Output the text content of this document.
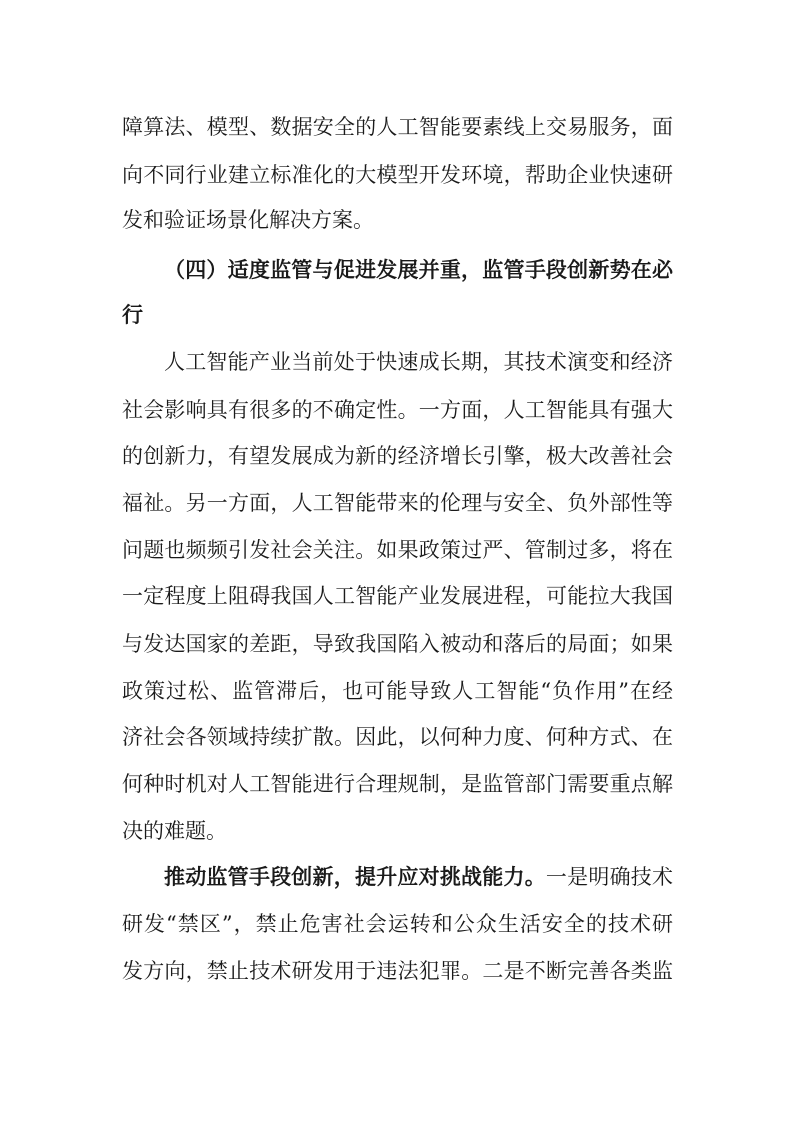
障算法、模型、数据安全的人工智能要素线上交易服务，面
向不同行业建立标准化的大模型开发环境，帮助企业快速研
发和验证场景化解决方案。
（四）适度监管与促进发展并重，监管手段创新势在必
行
人工智能产业当前处于快速成长期，其技术演变和经济
社会影响具有很多的不确定性。一方面，人工智能具有强大
的创新力，有望发展成为新的经济增长引擎，极大改善社会
福祉。另一方面，人工智能带来的伦理与安全、负外部性等
问题也频频引发社会关注。如果政策过严、管制过多，将在
一定程度上阻碍我国人工智能产业发展进程，可能拉大我国
与发达国家的差距，导致我国陷入被动和落后的局面；如果
政策过松、监管滞后，也可能导致人工智能“负作用”在经
济社会各领域持续扩散。因此，以何种力度、何种方式、在
何种时机对人工智能进行合理规制，是监管部门需要重点解
决的难题。
推动监管手段创新，提升应对挑战能力。一是明确技术
研发“禁区”，禁止危害社会运转和公众生活安全的技术研
发方向，禁止技术研发用于违法犯罪。二是不断完善各类监
